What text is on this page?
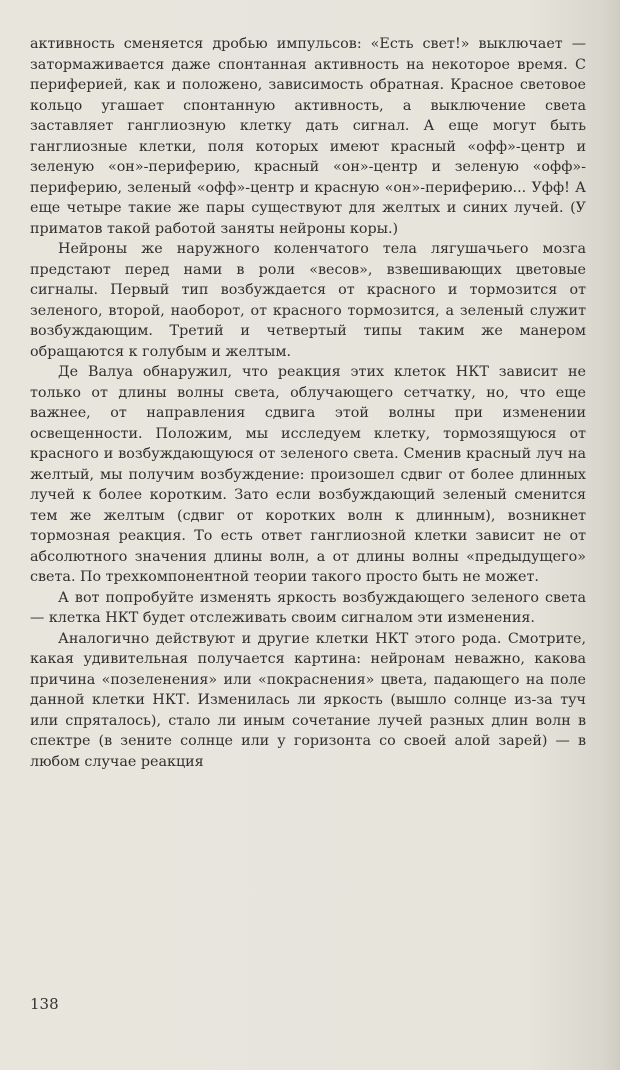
активность сменяется дробью импульсов: «Есть свет!» выключает — затормаживается даже спонтанная активность на некоторое время. С периферией, как и положено, зависимость обратная. Красное световое кольцо угашает спонтанную активность, а выключение света заставляет ганглиозную клетку дать сигнал. А еще могут быть ганглиозные клетки, поля которых имеют красный «офф»-центр и зеленую «он»-периферию, красный «он»-центр и зеленую «офф»-периферию, зеленый «офф»-центр и красную «он»-периферию... Уфф! А еще четыре такие же пары существуют для желтых и синих лучей. (У приматов такой работой заняты нейроны коры.)

Нейроны же наружного коленчатого тела лягушачьего мозга предстают перед нами в роли «весов», взвешивающих цветовые сигналы. Первый тип возбуждается от красного и тормозится от зеленого, второй, наоборот, от красного тормозится, а зеленый служит возбуждающим. Третий и четвертый типы таким же манером обращаются к голубым и желтым.

Де Валуа обнаружил, что реакция этих клеток НКТ зависит не только от длины волны света, облучающего сетчатку, но, что еще важнее, от направления сдвига этой волны при изменении освещенности. Положим, мы исследуем клетку, тормозящуюся от красного и возбуждающуюся от зеленого света. Сменив красный луч на желтый, мы получим возбуждение: произошел сдвиг от более длинных лучей к более коротким. Зато если возбуждающий зеленый сменится тем же желтым (сдвиг от коротких волн к длинным), возникнет тормозная реакция. То есть ответ ганглиозной клетки зависит не от абсолютного значения длины волн, а от длины волны «предыдущего» света. По трехкомпонентной теории такого просто быть не может.

А вот попробуйте изменять яркость возбуждающего зеленого света — клетка НКТ будет отслеживать своим сигналом эти изменения.

Аналогично действуют и другие клетки НКТ этого рода. Смотрите, какая удивительная получается картина: нейронам неважно, какова причина «позеленения» или «покраснения» цвета, падающего на поле данной клетки НКТ. Изменилась ли яркость (вышло солнце из-за туч или спряталось), стало ли иным сочетание лучей разных длин волн в спектре (в зените солнце или у горизонта со своей алой зарей) — в любом случае реакция

138
